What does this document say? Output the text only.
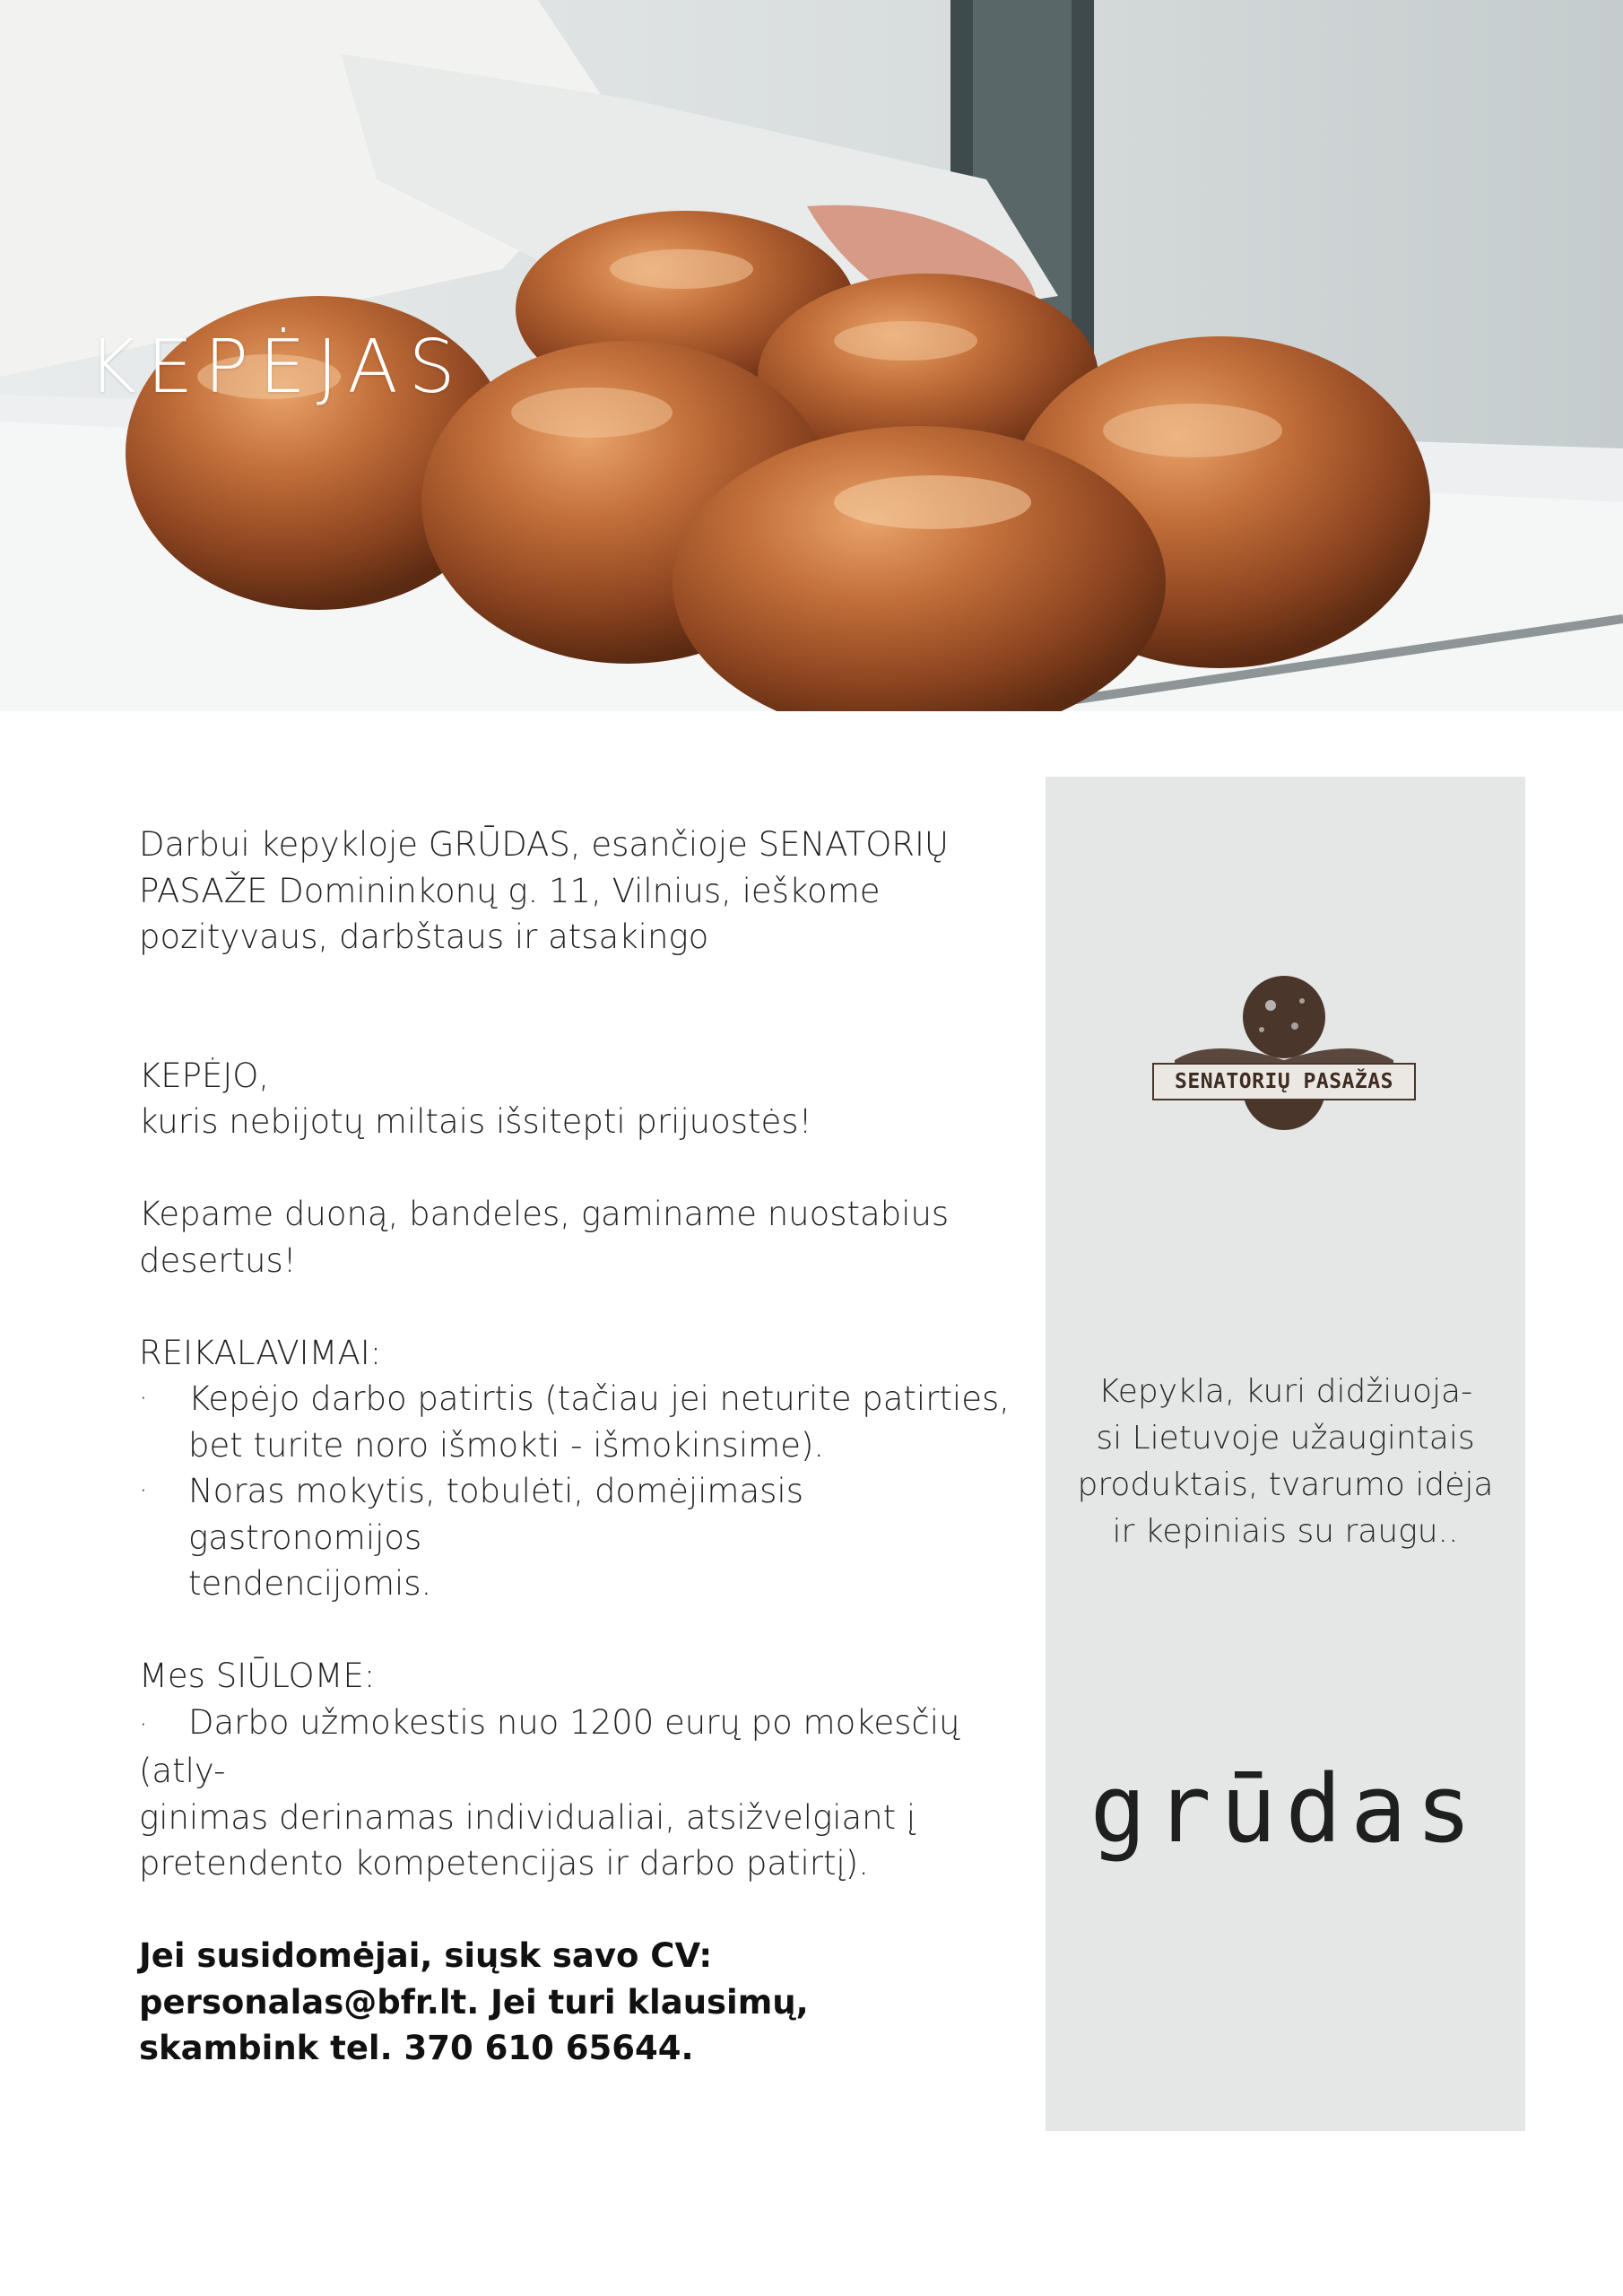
KEPĖJAS

Darbui kepykloje GRŪDAS, esančioje SENATORIŲ

PASAŽE Domininkonų g. 11, Vilnius, ieškome

pozityvaus, darbštaus ir atsakingo

KEPĖJO,

kuris nebijotų miltais išsitepti prijuostės!

Kepame duoną, bandeles, gaminame nuostabius

desertus!

REIKALAVIMAI:

· Kepėjo darbo patirtis (tačiau jei neturite patirties,

bet turite noro išmokti - išmokinsime).

· Noras mokytis, tobulėti, domėjimasis gastronomijos

tendencijomis.

Mes SIŪLOME:

· Darbo užmokestis nuo 1200 eurų po mokesčių (atly-

ginimas derinamas individualiai, atsižvelgiant į

pretendento kompetencijas ir darbo patirtį).

Jei susidomėjai, siųsk savo CV:

personalas@bfr.lt. Jei turi klausimų,

skambink tel. 370 610 65644.

SENATORIŲ PASAŽAS
Kepykla, kuri didžiuoja-
si Lietuvoje užaugintais
produktais, tvarumo idėja
ir kepiniais su raugu..
grūdas
